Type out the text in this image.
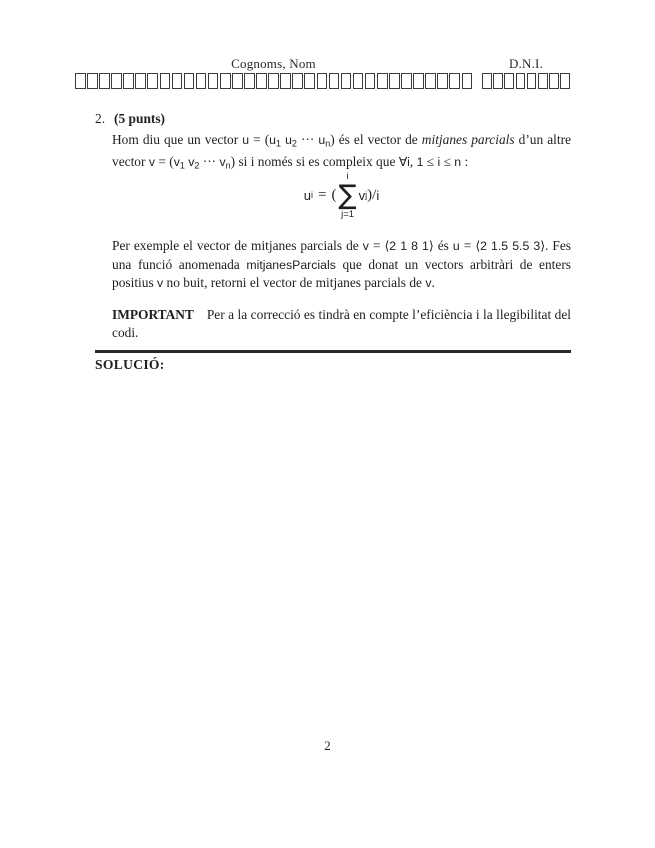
Cognoms, Nom	D.N.I.
2. (5 punts)
Hom diu que un vector u = (u1 u2 ··· un) és el vector de mitjanes parcials d’un altre vector v = (v1 v2 ··· vn) si i només si es compleix que ∀i, 1 ≤ i ≤ n :
u i = (
i
∑
j=1
v j ) / i
Per exemple el vector de mitjanes parcials de v = ⟨2 1 8 1⟩ és u = ⟨2 1.5 5.5 3⟩. Fes una funció anomenada mitjanesParcials que donat un vectors arbitràri de enters positius v no buit, retorni el vector de mitjanes parcials de v.
IMPORTANT Per a la correcció es tindrà en compte l’eficiència i la llegibilitat del codi.
SOLUCIÓ:
2
